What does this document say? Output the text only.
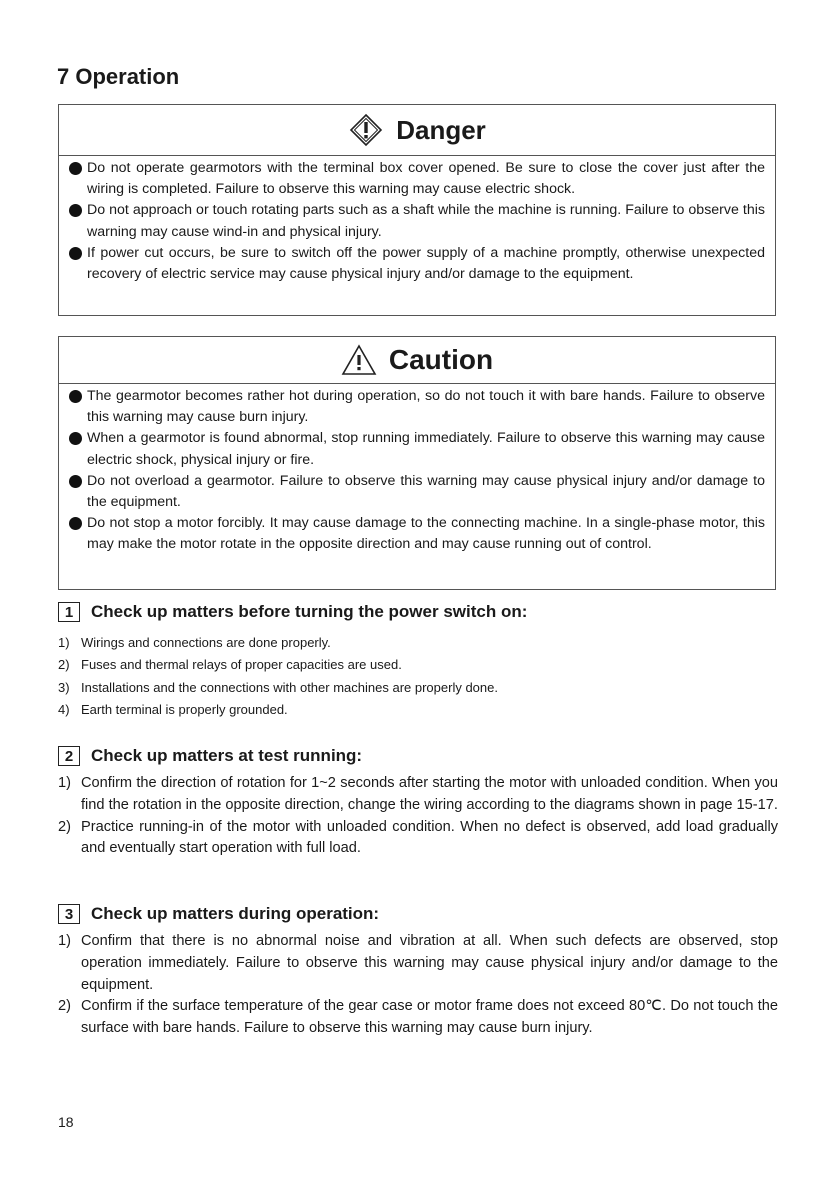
7 Operation
Danger
Do not operate gearmotors with the terminal box cover opened. Be sure to close the cover just after the wiring is completed. Failure to observe this warning may cause electric shock.
Do not approach or touch rotating parts such as a shaft while the machine is running. Failure to observe this warning may cause wind-in and physical injury.
If power cut occurs, be sure to switch off the power supply of a machine promptly, otherwise unexpected recovery of electric service may cause physical injury and/or damage to the equipment.
Caution
The gearmotor becomes rather hot during operation, so do not touch it with bare hands. Failure to observe this warning may cause burn injury.
When a gearmotor is found abnormal, stop running immediately. Failure to observe this warning may cause electric shock, physical injury or fire.
Do not overload a gearmotor. Failure to observe this warning may cause physical injury and/or damage to the equipment.
Do not stop a motor forcibly. It may cause damage to the connecting machine. In a single-phase motor, this may make the motor rotate in the opposite direction and may cause running out of control.
1	Check up matters before turning the power switch on:
1) Wirings and connections are done properly.
2) Fuses and thermal relays of proper capacities are used.
3) Installations and the connections with other machines are properly done.
4) Earth terminal is properly grounded.
2	Check up matters at test running:
1) Confirm the direction of rotation for 1~2 seconds after starting the motor with unloaded condition. When you find the rotation in the opposite direction, change the wiring according to the diagrams shown in page 15-17.
2) Practice running-in of the motor with unloaded condition. When no defect is observed, add load gradually and eventually start operation with full load.
3	Check up matters during operation:
1) Confirm that there is no abnormal noise and vibration at all. When such defects are observed, stop operation immediately. Failure to observe this warning may cause physical injury and/or damage to the equipment.
2) Confirm if the surface temperature of the gear case or motor frame does not exceed 80℃. Do not touch the surface with bare hands. Failure to observe this warning may cause burn injury.
18
